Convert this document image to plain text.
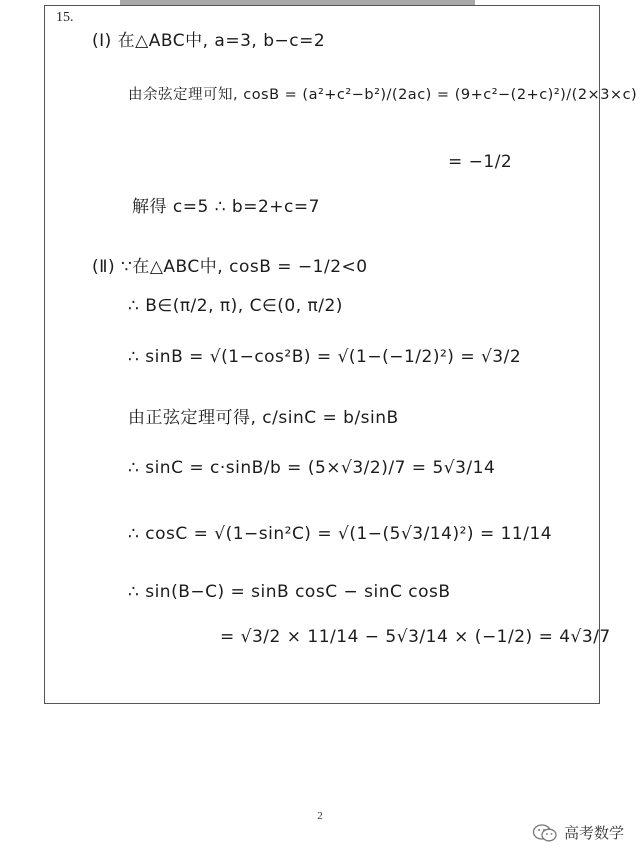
15.
(Ⅰ) 在△ABC中, a=3, b−c=2
由余弦定理可知, cosB = (a²+c²−b²)/(2ac) = (9+c²−(2+c)²)/(2×3×c)
= −1/2
解得 c=5 ∴ b=2+c=7
(Ⅱ) ∵在△ABC中, cosB = −1/2<0
∴ B∈(π/2, π), C∈(0, π/2)
∴ sinB = √(1−cos²B) = √(1−(−1/2)²) = √3/2
由正弦定理可得, c/sinC = b/sinB
∴ sinC = c·sinB/b = (5×√3/2)/7 = 5√3/14
∴ cosC = √(1−sin²C) = √(1−(5√3/14)²) = 11/14
∴ sin(B−C) = sinB cosC − sinC cosB
= √3/2 × 11/14 − 5√3/14 × (−1/2) = 4√3/7
2
高考数学
